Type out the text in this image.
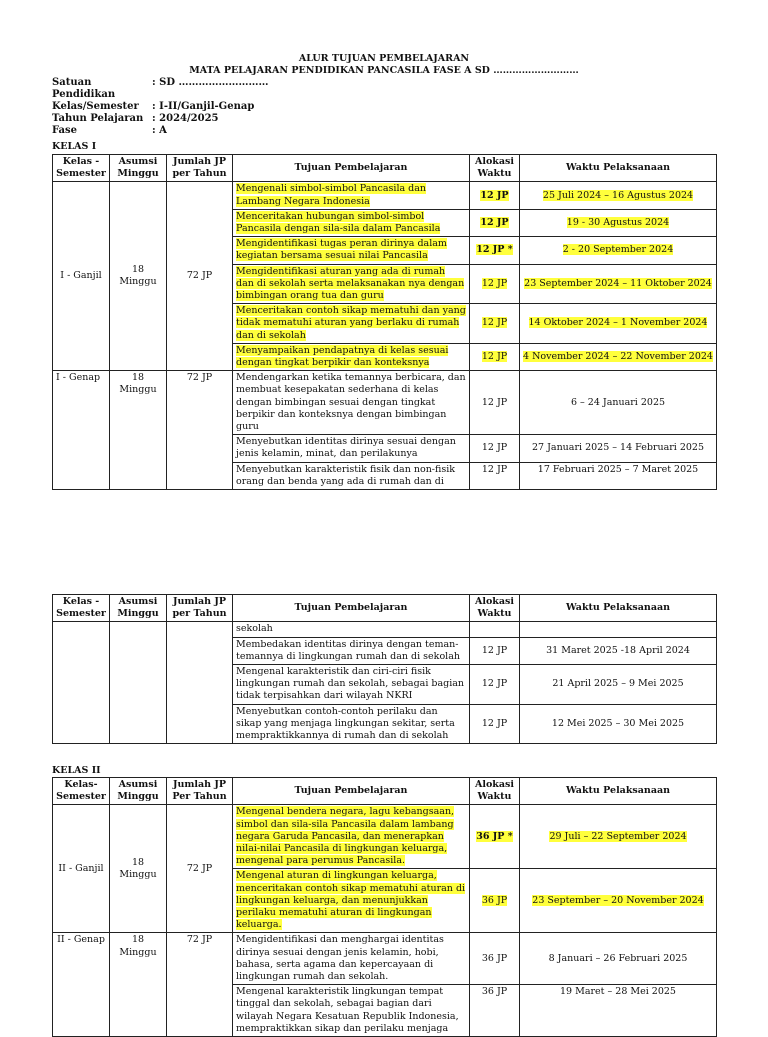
ALUR TUJUAN PEMBELAJARAN
MATA PELAJARAN PENDIDIKAN PANCASILA FASE A SD ………………………
Satuan Pendidikan
: SD ………………………
Kelas/Semester	: I-II/Ganjil-Genap
Tahun Pelajaran : 2024/2025
Fase	: A
KELAS I
Kelas - Semester	Asumsi Minggu	Jumlah JP per Tahun	Tujuan Pembelajaran	Alokasi Waktu	Waktu Pelaksanaan
I - Ganjil	18 Minggu	72 JP	Mengenali simbol-simbol Pancasila dan Lambang Negara Indonesia	12 JP	25 Juli 2024 – 16 Agustus 2024
			Menceritakan hubungan simbol-simbol Pancasila dengan sila-sila dalam Pancasila	12 JP	19 - 30 Agustus 2024
			Mengidentifikasi tugas peran dirinya dalam kegiatan bersama sesuai nilai Pancasila	12 JP *	2 - 20 September 2024
			Mengidentifikasi aturan yang ada di rumah dan di sekolah serta melaksanakan nya dengan bimbingan orang tua dan guru	12 JP	23 September 2024 – 11 Oktober 2024
			Menceritakan contoh sikap mematuhi dan yang tidak mematuhi aturan yang berlaku di rumah dan di sekolah	12 JP	14 Oktober 2024 – 1 November 2024
			Menyampaikan pendapatnya di kelas sesuai dengan tingkat berpikir dan konteksnya	12 JP	4 November 2024 – 22 November 2024
I - Genap	18 Minggu	72 JP	Mendengarkan ketika temannya berbicara, dan membuat kesepakatan sederhana di kelas dengan bimbingan sesuai dengan tingkat berpikir dan konteksnya dengan bimbingan guru	12 JP	6 – 24 Januari 2025
			Menyebutkan identitas dirinya sesuai dengan jenis kelamin, minat, dan perilakunya	12 JP	27 Januari 2025 – 14 Februari 2025
			Menyebutkan karakteristik fisik dan non-fisik orang dan benda yang ada di rumah dan di	12 JP	17 Februari 2025 – 7 Maret 2025
Kelas - Semester	Asumsi Minggu	Jumlah JP per Tahun	Tujuan Pembelajaran	Alokasi Waktu	Waktu Pelaksanaan
			sekolah		
			Membedakan identitas dirinya dengan teman-temannya di lingkungan rumah dan di sekolah	12 JP	31 Maret 2025 -18 April 2024
			Mengenal karakteristik dan ciri-ciri fisik lingkungan rumah dan sekolah, sebagai bagian tidak terpisahkan dari wilayah NKRI	12 JP	21 April 2025 – 9 Mei 2025
			Menyebutkan contoh-contoh perilaku dan sikap yang menjaga lingkungan sekitar, serta mempraktikkannya di rumah dan di sekolah	12 JP	12 Mei 2025 – 30 Mei 2025
KELAS II
Kelas- Semester	Asumsi Minggu	Jumlah JP Per Tahun	Tujuan Pembelajaran	Alokasi Waktu	Waktu Pelaksanaan
II - Ganjil	18 Minggu	72 JP	Mengenal bendera negara, lagu kebangsaan, simbol dan sila-sila Pancasila dalam lambang negara Garuda Pancasila, dan menerapkan nilai-nilai Pancasila di lingkungan keluarga, mengenal para perumus Pancasila.	36 JP *	29 Juli – 22 September 2024
			Mengenal aturan di lingkungan keluarga, menceritakan contoh sikap mematuhi aturan di lingkungan keluarga, dan menunjukkan perilaku mematuhi aturan di lingkungan keluarga.	36 JP	23 September – 20 November 2024
II - Genap	18 Minggu	72 JP	Mengidentifikasi dan menghargai identitas dirinya sesuai dengan jenis kelamin, hobi, bahasa, serta agama dan kepercayaan di lingkungan rumah dan sekolah.	36 JP	8 Januari – 26 Februari 2025
			Mengenal karakteristik lingkungan tempat tinggal dan sekolah, sebagai bagian dari wilayah Negara Kesatuan Republik Indonesia, mempraktikkan sikap dan perilaku menjaga	36 JP	19 Maret – 28 Mei 2025
